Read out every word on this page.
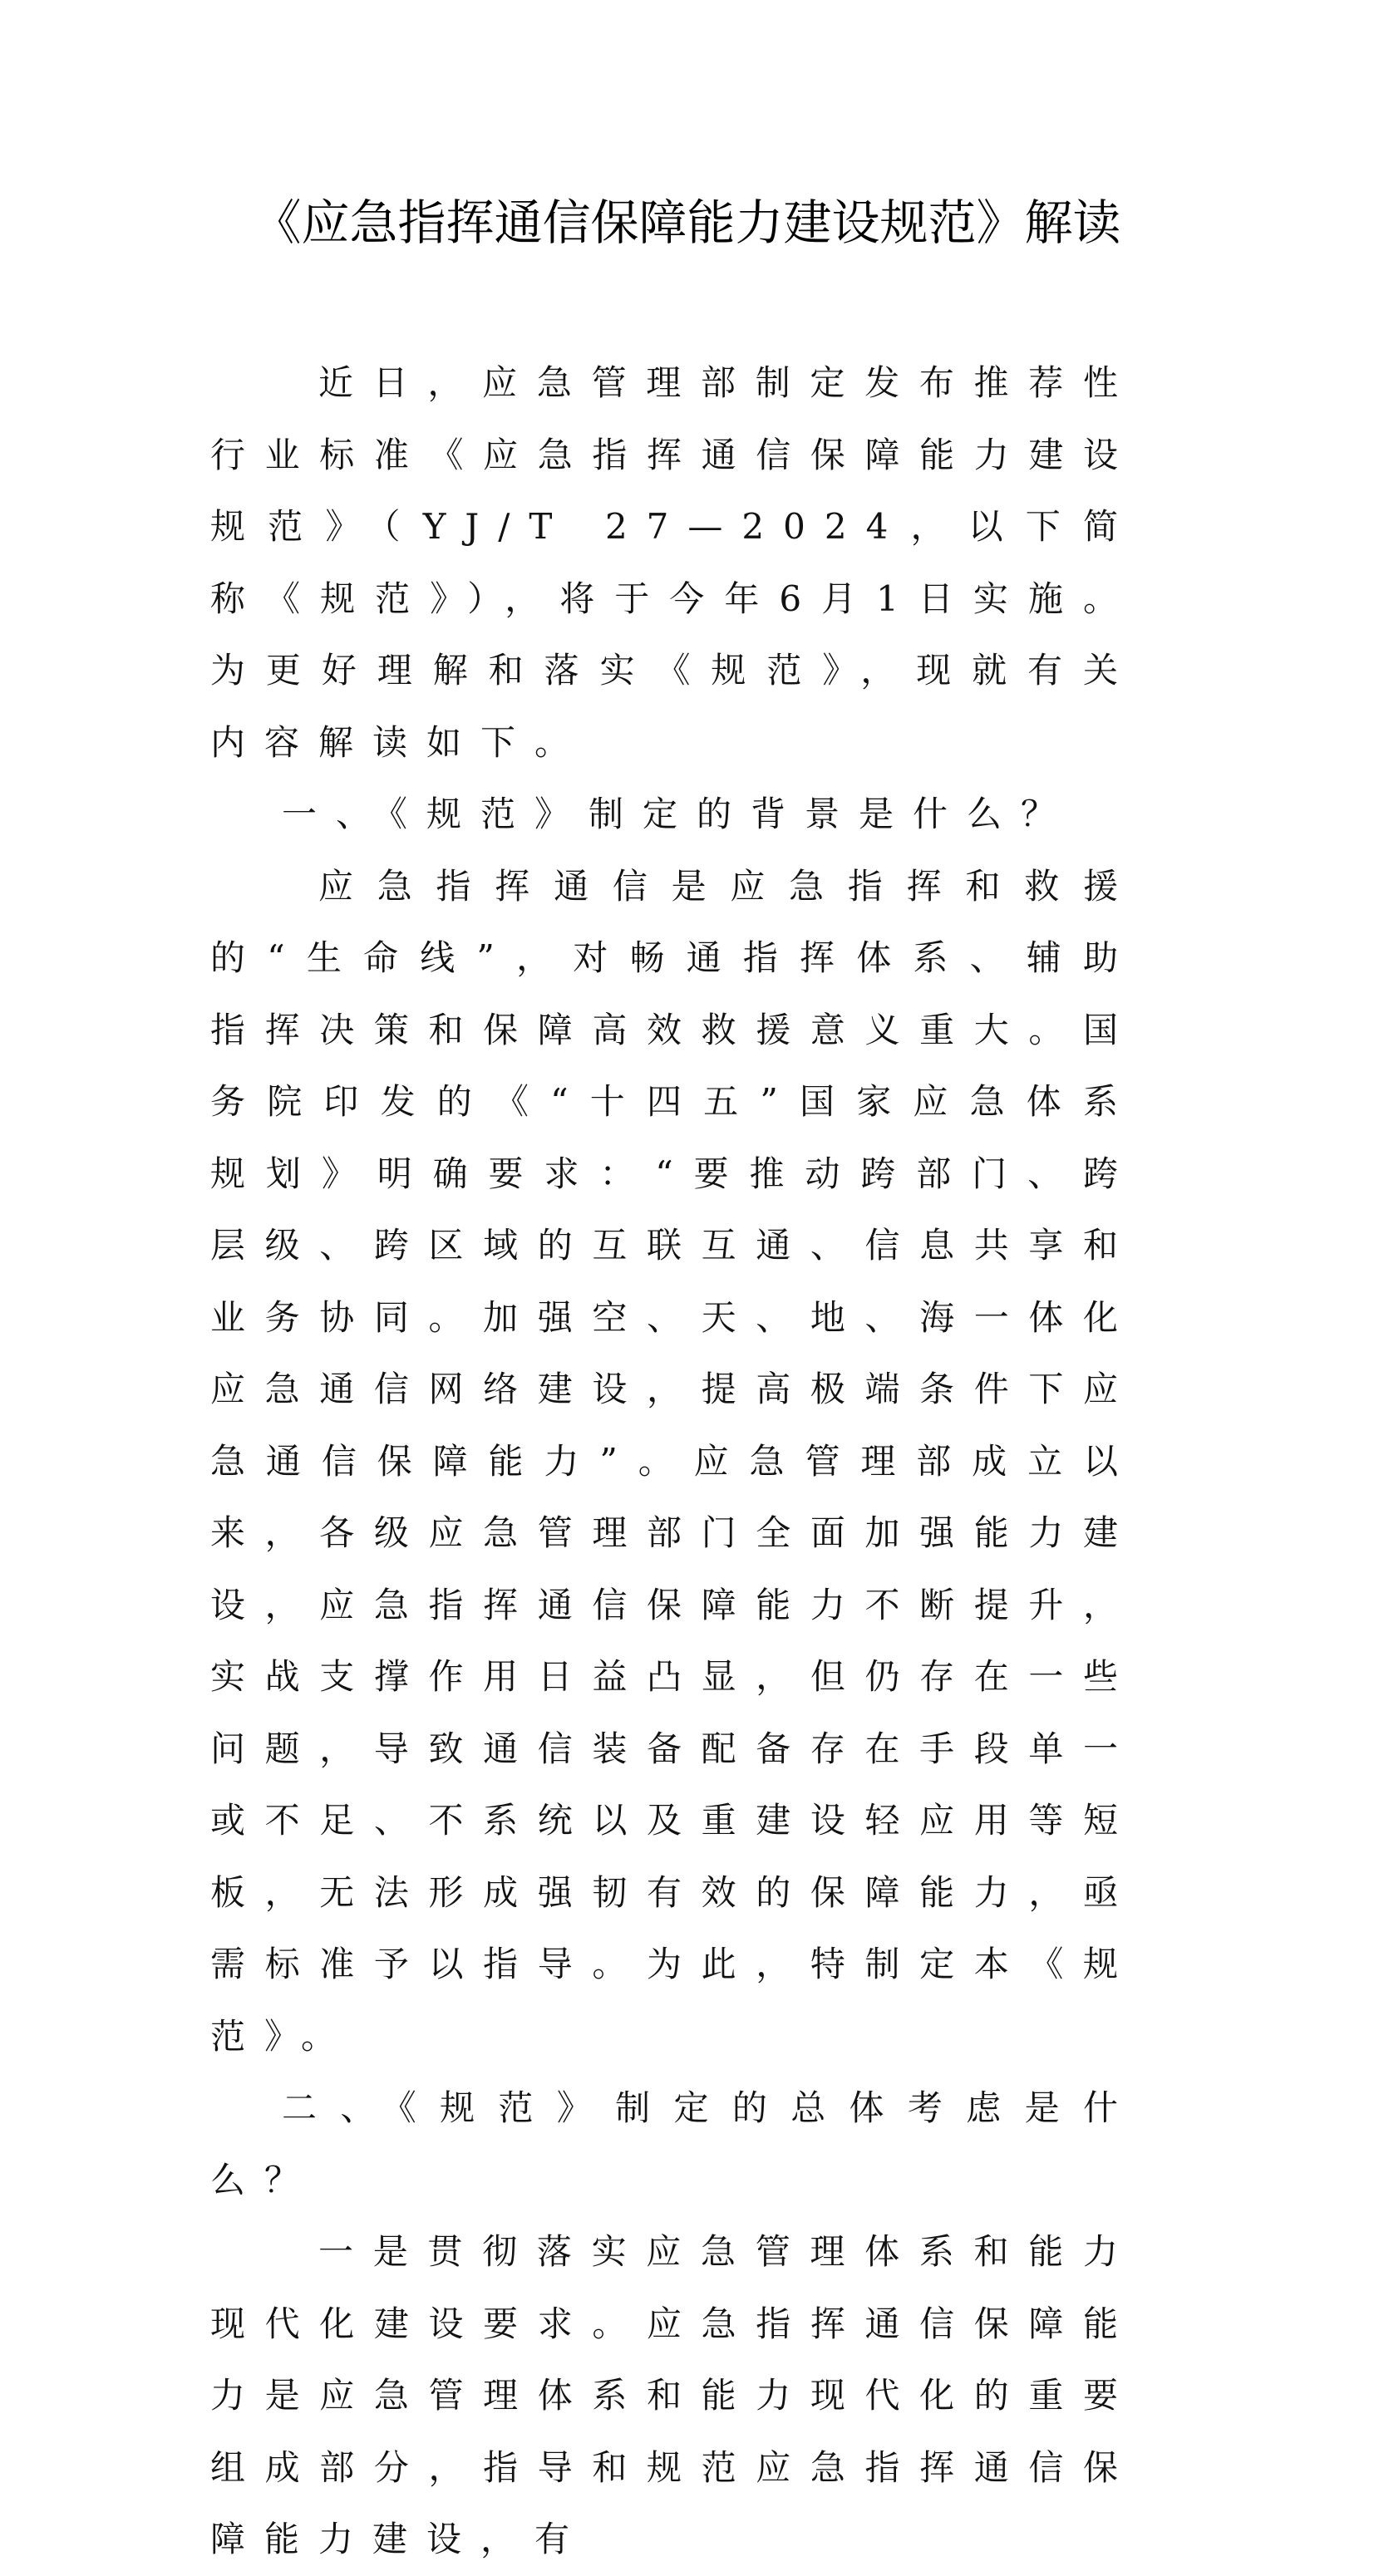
《应急指挥通信保障能力建设规范》解读

近日，应急管理部制定发布推荐性行业标准《应急指挥通信保障能力建设规范》（YJ/T 27—2024，以下简称《规范》），将于今年6月1日实施。为更好理解和落实《规范》，现就有关内容解读如下。

一、《规范》制定的背景是什么？

应急指挥通信是应急指挥和救援的“生命线”，对畅通指挥体系、辅助指挥决策和保障高效救援意义重大。国务院印发的《“十四五”国家应急体系规划》明确要求：“要推动跨部门、跨层级、跨区域的互联互通、信息共享和业务协同。加强空、天、地、海一体化应急通信网络建设，提高极端条件下应急通信保障能力”。应急管理部成立以来，各级应急管理部门全面加强能力建设，应急指挥通信保障能力不断提升，实战支撑作用日益凸显，但仍存在一些问题，导致通信装备配备存在手段单一或不足、不系统以及重建设轻应用等短板，无法形成强韧有效的保障能力，亟需标准予以指导。为此，特制定本《规范》。

二、《规范》制定的总体考虑是什么？

一是贯彻落实应急管理体系和能力现代化建设要求。应急指挥通信保障能力是应急管理体系和能力现代化的重要组成部分，指导和规范应急指挥通信保障能力建设，有
